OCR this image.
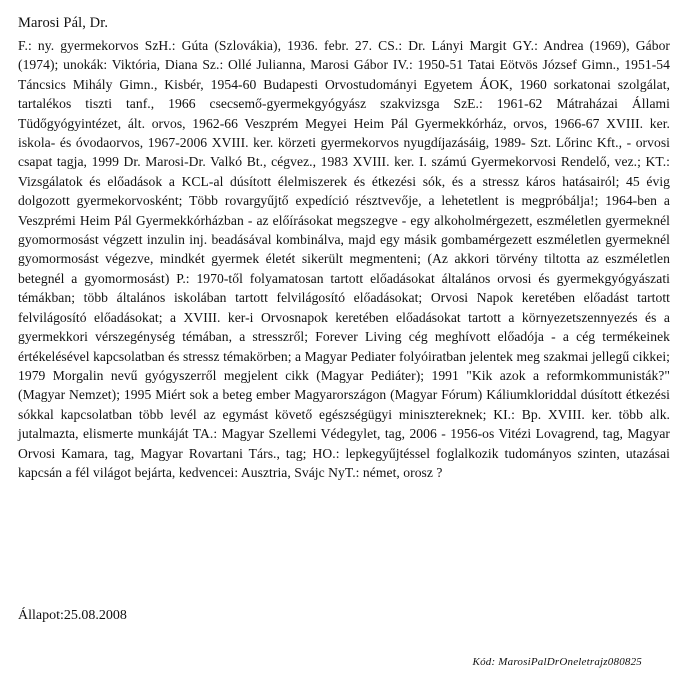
Marosi Pál, Dr.

F.: ny. gyermekorvos SzH.: Gúta (Szlovákia), 1936. febr. 27. CS.: Dr. Lányi Margit GY.: Andrea (1969), Gábor (1974); unokák: Viktória, Diana Sz.: Ollé Julianna, Marosi Gábor IV.: 1950-51 Tatai Eötvös József Gimn., 1951-54 Táncsics Mihály Gimn., Kisbér, 1954-60 Budapesti Orvostudományi Egyetem ÁOK, 1960 sorkatonai szolgálat, tartalékos tiszti tanf., 1966 csecsemő-gyermekgyógyász szakvizsga SzE.: 1961-62 Mátraházai Állami Tüdőgyógyintézet, ált. orvos, 1962-66 Veszprém Megyei Heim Pál Gyermekkórház, orvos, 1966-67 XVIII. ker. iskola- és óvodaorvos, 1967-2006 XVIII. ker. körzeti gyermekorvos nyugdíjazásáig, 1989- Szt. Lőrinc Kft., - orvosi csapat tagja, 1999 Dr. Marosi-Dr. Valkó Bt., cégvez., 1983 XVIII. ker. I. számú Gyermekorvosi Rendelő, vez.; KT.: Vizsgálatok és előadások a KCL-al dúsított élelmiszerek és étkezési sók, és a stressz káros hatásairól; 45 évig dolgozott gyermekorvosként; Több rovargyűjtő expedíció résztvevője, a lehetetlent is megpróbálja!; 1964-ben a Veszprémi Heim Pál Gyermekkórházban - az előírásokat megszegve - egy alkoholmérgezett, eszméletlen gyermeknél gyomormosást végzett inzulin inj. beadásával kombinálva, majd egy másik gombamérgezett eszméletlen gyermeknél gyomormosást végezve, mindkét gyermek életét sikerült megmenteni; (Az akkori törvény tiltotta az eszméletlen betegnél a gyomormosást) P.: 1970-től folyamatosan tartott előadásokat általános orvosi és gyermekgyógyászati témákban; több általános iskolában tartott felvilágosító előadásokat; Orvosi Napok keretében előadást tartott felvilágosító előadásokat; a XVIII. ker-i Orvosnapok keretében előadásokat tartott a környezetszennyezés és a gyermekkori vérszegénység témában, a stresszről; Forever Living cég meghívott előadója - a cég termékeinek értékelésével kapcsolatban és stressz témakörben; a Magyar Pediater folyóiratban jelentek meg szakmai jellegű cikkei; 1979 Morgalin nevű gyógyszerről megjelent cikk (Magyar Pediáter); 1991 "Kik azok a reformkommunisták?" (Magyar Nemzet); 1995 Miért sok a beteg ember Magyarországon (Magyar Fórum) Káliumkloriddal dúsított étkezési sókkal kapcsolatban több levél az egymást követő egészségügyi minisztereknek; KI.: Bp. XVIII. ker. több alk. jutalmazta, elismerte munkáját TA.: Magyar Szellemi Védegylet, tag, 2006 - 1956-os Vitézi Lovagrend, tag, Magyar Orvosi Kamara, tag, Magyar Rovartani Társ., tag; HO.: lepkegyűjtéssel foglalkozik tudományos szinten, utazásai kapcsán a fél világot bejárta, kedvencei: Ausztria, Svájc NyT.: német, orosz ?

Állapot:25.08.2008
Kód: MarosiPalDrOneletrajz080825
